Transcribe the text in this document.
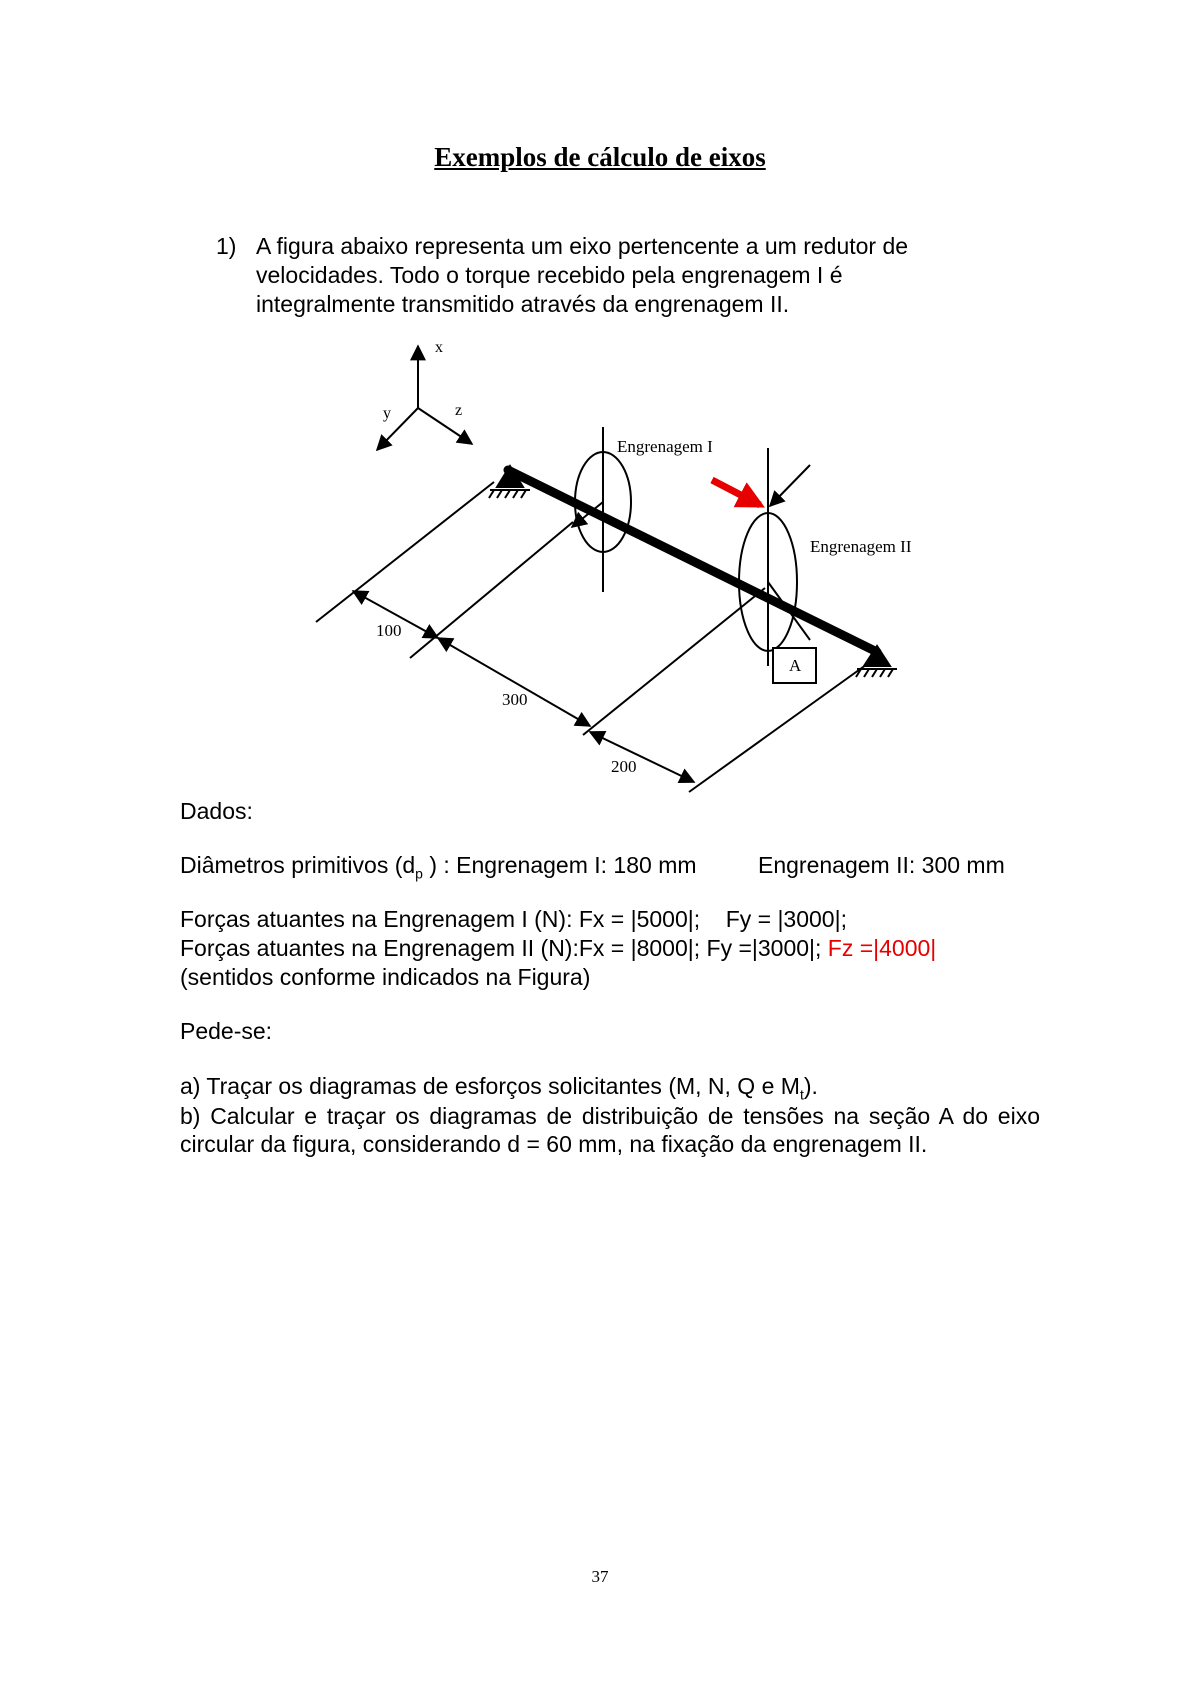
Exemplos de cálculo de eixos
1) A figura abaixo representa um eixo pertencente a um redutor de
velocidades. Todo o torque recebido pela engrenagem I é
integralmente transmitido através da engrenagem II.
x
y	z
Engrenagem I
Engrenagem II
A
100
300
200
Dados:
Diâmetros primitivos ($d_p$ ) : Engrenagem I: 180 mm	Engrenagem II: 300 mm
Forças atuantes na Engrenagem I (N): Fx = |5000|;    Fy = |3000|;
Forças atuantes na Engrenagem II (N):Fx = |8000|; Fy =|3000|; Fz =|4000|
(sentidos conforme indicados na Figura)
Pede-se:
a) Traçar os diagramas de esforços solicitantes (M, N, Q e $M_t$).
b) Calcular e traçar os diagramas de distribuição de tensões na seção A do eixo circular da figura, considerando d = 60 mm, na fixação da engrenagem II.
37
